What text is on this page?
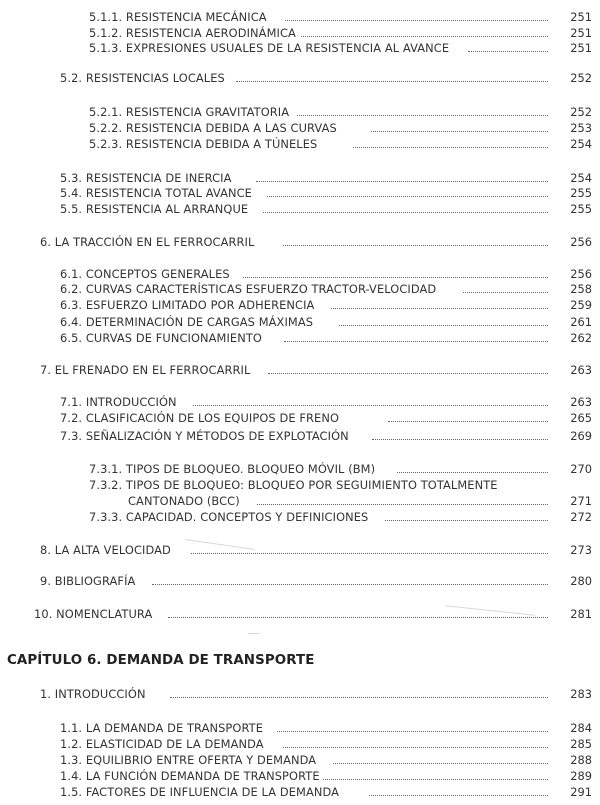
5.1.1. RESISTENCIA MECÁNICA	251
5.1.2. RESISTENCIA AERODINÁMICA	251
5.1.3. EXPRESIONES USUALES DE LA RESISTENCIA AL AVANCE	251
5.2. RESISTENCIAS LOCALES	252
5.2.1. RESISTENCIA GRAVITATORIA	252
5.2.2. RESISTENCIA DEBIDA A LAS CURVAS	253
5.2.3. RESISTENCIA DEBIDA A TÚNELES	254
5.3. RESISTENCIA DE INERCIA	254
5.4. RESISTENCIA TOTAL AVANCE	255
5.5. RESISTENCIA AL ARRANQUE	255
6. LA TRACCIÓN EN EL FERROCARRIL	256
6.1. CONCEPTOS GENERALES	256
6.2. CURVAS CARACTERÍSTICAS ESFUERZO TRACTOR-VELOCIDAD	258
6.3. ESFUERZO LIMITADO POR ADHERENCIA	259
6.4. DETERMINACIÓN DE CARGAS MÁXIMAS	261
6.5. CURVAS DE FUNCIONAMIENTO	262
7. EL FRENADO EN EL FERROCARRIL	263
7.1. INTRODUCCIÓN	263
7.2. CLASIFICACIÓN DE LOS EQUIPOS DE FRENO	265
7.3. SEÑALIZACIÓN Y MÉTODOS DE EXPLOTACIÓN	269
7.3.1. TIPOS DE BLOQUEO. BLOQUEO MÓVIL (BM)	270
7.3.2. TIPOS DE BLOQUEO: BLOQUEO POR SEGUIMIENTO TOTALMENTE
CANTONADO (BCC)	271
7.3.3. CAPACIDAD. CONCEPTOS Y DEFINICIONES	272
8. LA ALTA VELOCIDAD	273
9. BIBLIOGRAFÍA	280
10. NOMENCLATURA	281
CAPÍTULO 6. DEMANDA DE TRANSPORTE
1. INTRODUCCIÓN	283
1.1. LA DEMANDA DE TRANSPORTE	284
1.2. ELASTICIDAD DE LA DEMANDA	285
1.3. EQUILIBRIO ENTRE OFERTA Y DEMANDA	288
1.4. LA FUNCIÓN DEMANDA DE TRANSPORTE	289
1.5. FACTORES DE INFLUENCIA DE LA DEMANDA	291
